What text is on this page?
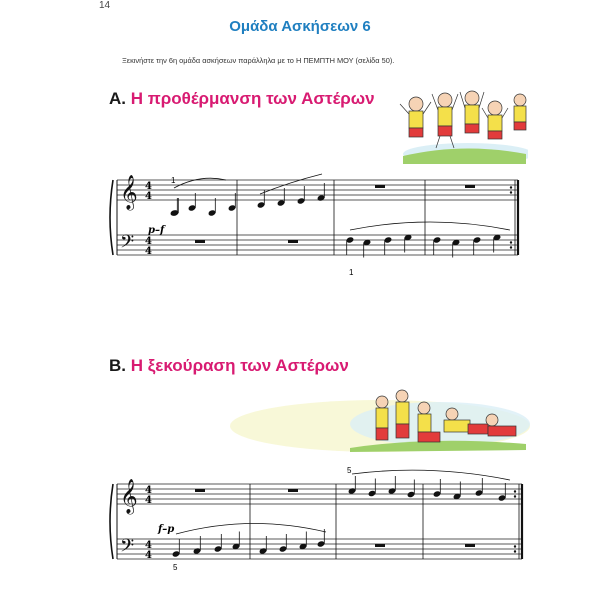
14
Ομάδα Ασκήσεων 6
Ξεκινήστε την 6η ομάδα ασκήσεων παράλληλα με το Η ΠΕΜΠΤΗ ΜΟΥ (σελίδα 50).
A. Η προθέρμανση των Αστέρων
𝄞
𝄢
4
4
4
4
1
1
p–f
B. Η ξεκούραση των Αστέρων
𝄞
𝄢
4
4
4
4
5
5
f–p
